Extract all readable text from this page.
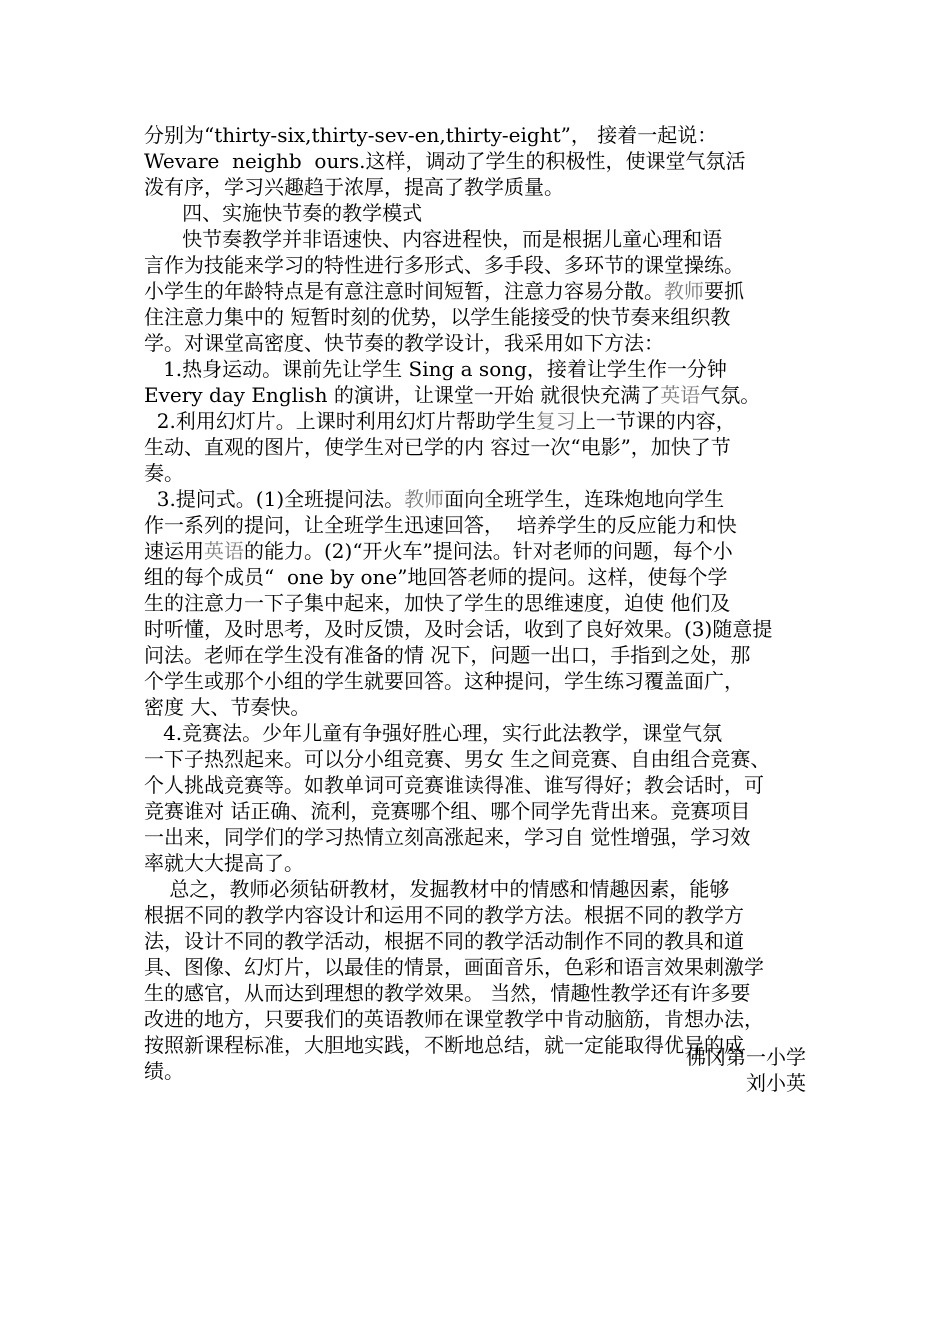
分别为“thirty-six,thirty-sev-en,thirty-eight”， 接着一起说：
Wevare  neighb  ours.这样，调动了学生的积极性，使课堂气氛活
泼有序，学习兴趣趋于浓厚，提高了教学质量。
四、实施快节奏的教学模式
快节奏教学并非语速快、内容进程快，而是根据儿童心理和语
言作为技能来学习的特性进行多形式、多手段、多环节的课堂操练。
小学生的年龄特点是有意注意时间短暂，注意力容易分散。教师要抓
住注意力集中的 短暂时刻的优势，以学生能接受的快节奏来组织教
学。对课堂高密度、快节奏的教学设计，我采用如下方法：
1.热身运动。课前先让学生 Sing a song，接着让学生作一分钟
Every day English 的演讲，让课堂一开始 就很快充满了英语气氛。
2.利用幻灯片。上课时利用幻灯片帮助学生复习上一节课的内容，
生动、直观的图片，使学生对已学的内 容过一次“电影”，加快了节
奏。
3.提问式。(1)全班提问法。教师面向全班学生，连珠炮地向学生
作一系列的提问，让全班学生迅速回答，  培养学生的反应能力和快
速运用英语的能力。(2)“开火车”提问法。针对老师的问题，每个小
组的每个成员“  one by one”地回答老师的提问。这样，使每个学
生的注意力一下子集中起来，加快了学生的思维速度，迫使 他们及
时听懂，及时思考，及时反馈，及时会话，收到了良好效果。(3)随意提
问法。老师在学生没有准备的情 况下，问题一出口，手指到之处，那
个学生或那个小组的学生就要回答。这种提问，学生练习覆盖面广，
密度 大、节奏快。
4.竞赛法。少年儿童有争强好胜心理，实行此法教学，课堂气氛
一下子热烈起来。可以分小组竞赛、男女 生之间竞赛、自由组合竞赛、
个人挑战竞赛等。如教单词可竞赛谁读得准、谁写得好；教会话时，可
竞赛谁对 话正确、流利，竞赛哪个组、哪个同学先背出来。竞赛项目
一出来，同学们的学习热情立刻高涨起来，学习自 觉性增强，学习效
率就大大提高了。
总之，教师必须钻研教材，发掘教材中的情感和情趣因素，能够
根据不同的教学内容设计和运用不同的教学方法。根据不同的教学方
法，设计不同的教学活动，根据不同的教学活动制作不同的教具和道
具、图像、幻灯片，以最佳的情景，画面音乐，色彩和语言效果刺激学
生的感官，从而达到理想的教学效果。 当然，情趣性教学还有许多要
改进的地方，只要我们的英语教师在课堂教学中肯动脑筋，肯想办法，
按照新课程标准，大胆地实践，不断地总结，就一定能取得优异的成
绩。
佛冈第一小学
刘小英
